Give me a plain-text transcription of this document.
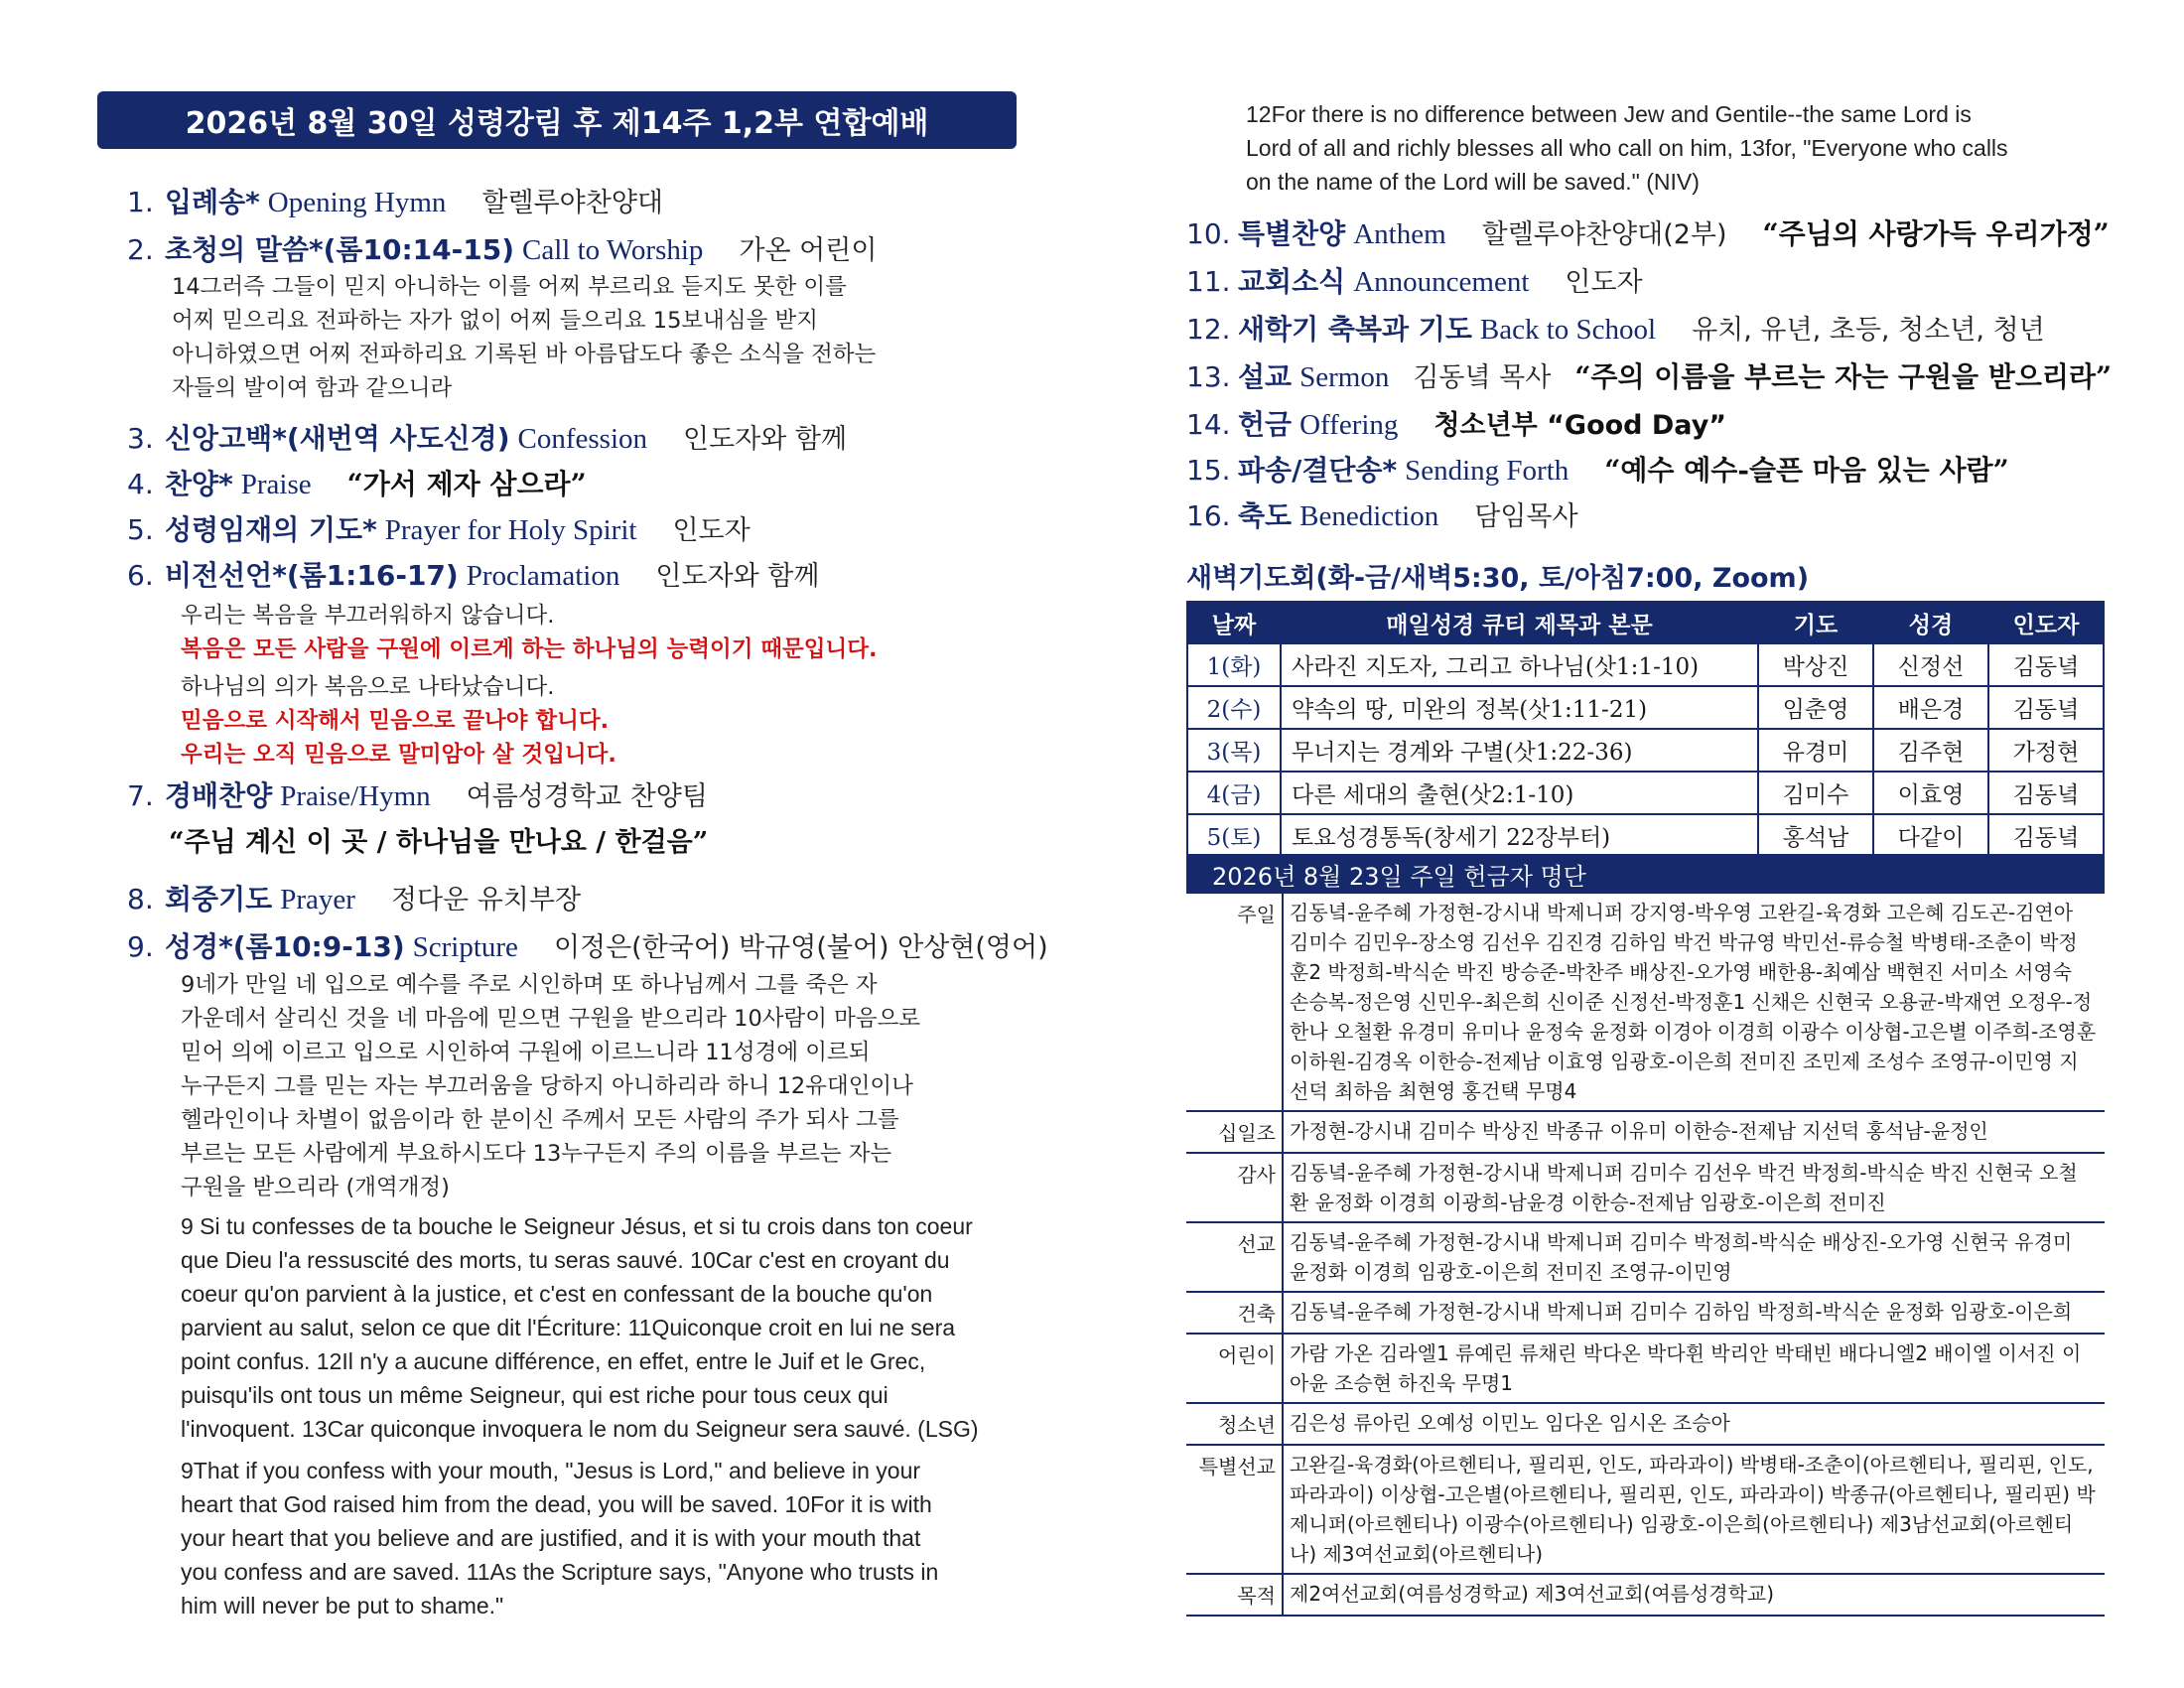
2026년 8월 30일 성령강림 후 제14주 1,2부 연합예배
1. 입례송* Opening Hymn 할렐루야찬양대
2. 초청의 말씀*(롬10:14-15) Call to Worship 가온 어린이
14그러즉 그들이 믿지 아니하는 이를 어찌 부르리요 듣지도 못한 이를
어찌 믿으리요 전파하는 자가 없이 어찌 들으리요 15보내심을 받지
아니하였으면 어찌 전파하리요 기록된 바 아름답도다 좋은 소식을 전하는
자들의 발이여 함과 같으니라
3. 신앙고백*(새번역 사도신경) Confession 인도자와 함께
4. 찬양* Praise “가서 제자 삼으라”
5. 성령임재의 기도* Prayer for Holy Spirit 인도자
6. 비전선언*(롬1:16-17) Proclamation 인도자와 함께
우리는 복음을 부끄러워하지 않습니다.
복음은 모든 사람을 구원에 이르게 하는 하나님의 능력이기 때문입니다.
하나님의 의가 복음으로 나타났습니다.
믿음으로 시작해서 믿음으로 끝나야 합니다.
우리는 오직 믿음으로 말미암아 살 것입니다.
7. 경배찬양 Praise/Hymn 여름성경학교 찬양팀
“주님 계신 이 곳 / 하나님을 만나요 / 한걸음”
8. 회중기도 Prayer 정다운 유치부장
9. 성경*(롬10:9-13) Scripture 이정은(한국어) 박규영(불어) 안상현(영어)
9네가 만일 네 입으로 예수를 주로 시인하며 또 하나님께서 그를 죽은 자
가운데서 살리신 것을 네 마음에 믿으면 구원을 받으리라 10사람이 마음으로
믿어 의에 이르고 입으로 시인하여 구원에 이르느니라 11성경에 이르되
누구든지 그를 믿는 자는 부끄러움을 당하지 아니하리라 하니 12유대인이나
헬라인이나 차별이 없음이라 한 분이신 주께서 모든 사람의 주가 되사 그를
부르는 모든 사람에게 부요하시도다 13누구든지 주의 이름을 부르는 자는
구원을 받으리라 (개역개정)
9 Si tu confesses de ta bouche le Seigneur Jésus, et si tu crois dans ton coeur
que Dieu l'a ressuscité des morts, tu seras sauvé. 10Car c'est en croyant du
coeur qu'on parvient à la justice, et c'est en confessant de la bouche qu'on
parvient au salut, selon ce que dit l'Écriture: 11Quiconque croit en lui ne sera
point confus. 12Il n'y a aucune différence, en effet, entre le Juif et le Grec,
puisqu'ils ont tous un même Seigneur, qui est riche pour tous ceux qui
l'invoquent. 13Car quiconque invoquera le nom du Seigneur sera sauvé. (LSG)
9That if you confess with your mouth, "Jesus is Lord," and believe in your
heart that God raised him from the dead, you will be saved. 10For it is with
your heart that you believe and are justified, and it is with your mouth that
you confess and are saved. 11As the Scripture says, "Anyone who trusts in
him will never be put to shame."
12For there is no difference between Jew and Gentile--the same Lord is
Lord of all and richly blesses all who call on him, 13for, "Everyone who calls
on the name of the Lord will be saved." (NIV)
10. 특별찬양 Anthem 할렐루야찬양대(2부) “주님의 사랑가득 우리가정”
11. 교회소식 Announcement 인도자
12. 새학기 축복과 기도 Back to School 유치, 유년, 초등, 청소년, 청년
13. 설교 Sermon 김동녘 목사 “주의 이름을 부르는 자는 구원을 받으리라”
14. 헌금 Offering 청소년부 “Good Day”
15. 파송/결단송* Sending Forth “예수 예수-슬픈 마음 있는 사람”
16. 축도 Benediction 담임목사
새벽기도회(화-금/새벽5:30, 토/아침7:00, Zoom)
날짜	매일성경 큐티 제목과 본문	기도	성경	인도자
1(화)	사라진 지도자, 그리고 하나님(삿1:1-10)	박상진	신정선	김동녘
2(수)	약속의 땅, 미완의 정복(삿1:11-21)	임춘영	배은경	김동녘
3(목)	무너지는 경계와 구별(삿1:22-36)	유경미	김주현	가정현
4(금)	다른 세대의 출현(삿2:1-10)	김미수	이효영	김동녘
5(토)	토요성경통독(창세기 22장부터)	홍석남	다같이	김동녘
2026년 8월 23일 주일 헌금자 명단
주일 김동녘-윤주혜 가정현-강시내 박제니퍼 강지영-박우영 고완길-육경화 고은혜 김도곤-김연아 김미수 김민우-장소영 김선우 김진경 김하임 박건 박규영 박민선-류승철 박병태-조춘이 박정훈2 박정희-박식순 박진 방승준-박찬주 배상진-오가영 배한용-최예삼 백현진 서미소 서영숙 손승복-정은영 신민우-최은희 신이준 신정선-박정훈1 신채은 신현국 오용균-박재연 오정우-정한나 오철환 유경미 유미나 윤정숙 윤정화 이경아 이경희 이광수 이상협-고은별 이주희-조영훈 이하원-김경옥 이한승-전제남 이효영 임광호-이은희 전미진 조민제 조성수 조영규-이민영 지선덕 최하음 최현영 홍건택 무명4
십일조 가정현-강시내 김미수 박상진 박종규 이유미 이한승-전제남 지선덕 홍석남-윤정인
감사 김동녘-윤주혜 가정현-강시내 박제니퍼 김미수 김선우 박건 박정희-박식순 박진 신현국 오철환 윤정화 이경희 이광희-남윤경 이한승-전제남 임광호-이은희 전미진
선교 김동녘-윤주혜 가정현-강시내 박제니퍼 김미수 박정희-박식순 배상진-오가영 신현국 유경미 윤정화 이경희 임광호-이은희 전미진 조영규-이민영
건축 김동녘-윤주혜 가정현-강시내 박제니퍼 김미수 김하임 박정희-박식순 윤정화 임광호-이은희
어린이 가람 가온 김라엘1 류예린 류채린 박다온 박다휜 박리안 박태빈 배다니엘2 배이엘 이서진 이아윤 조승현 하진욱 무명1
청소년 김은성 류아린 오예성 이민노 임다온 임시온 조승아
특별선교 고완길-육경화(아르헨티나, 필리핀, 인도, 파라과이) 박병태-조춘이(아르헨티나, 필리핀, 인도, 파라과이) 이상협-고은별(아르헨티나, 필리핀, 인도, 파라과이) 박종규(아르헨티나, 필리핀) 박제니퍼(아르헨티나) 이광수(아르헨티나) 임광호-이은희(아르헨티나) 제3남선교회(아르헨티나) 제3여선교회(아르헨티나)
목적 제2여선교회(여름성경학교) 제3여선교회(여름성경학교)
